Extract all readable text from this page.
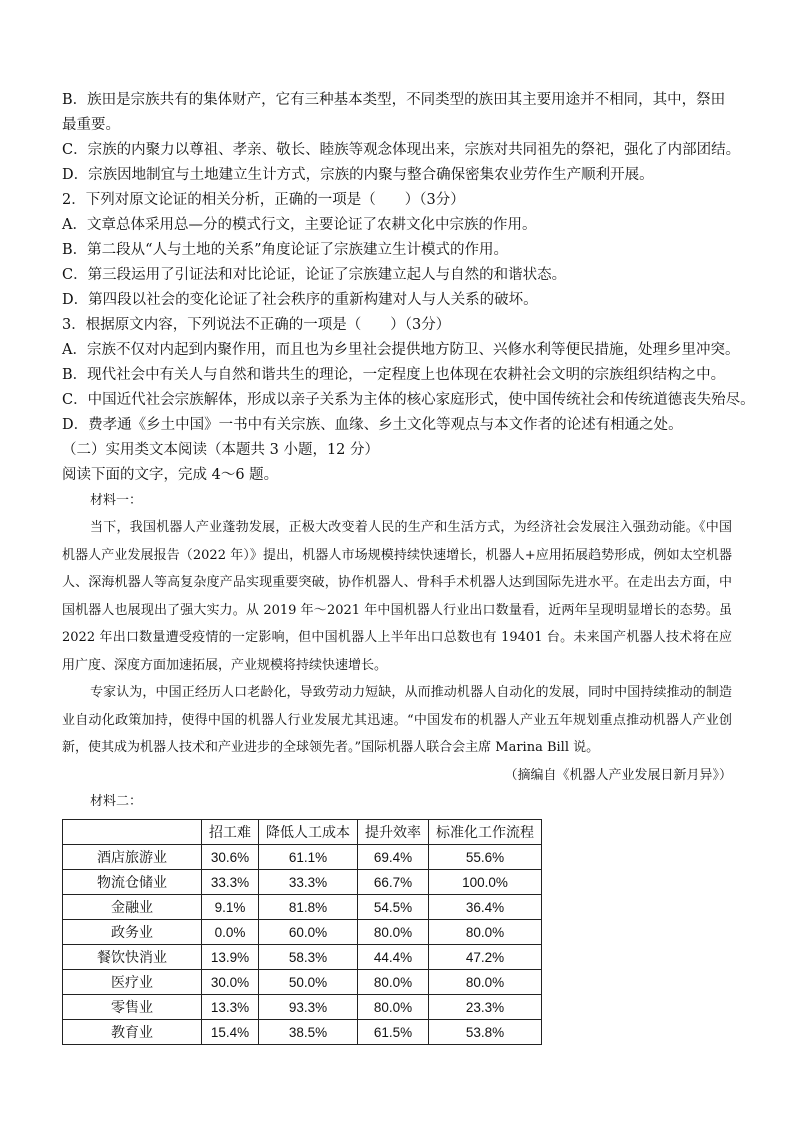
B．族田是宗族共有的集体财产，它有三种基本类型，不同类型的族田其主要用途并不相同，其中，祭田最重要。
C．宗族的内聚力以尊祖、孝亲、敬长、睦族等观念体现出来，宗族对共同祖先的祭祀，强化了内部团结。
D．宗族因地制宜与土地建立生计方式，宗族的内聚与整合确保密集农业劳作生产顺利开展。
2．下列对原文论证的相关分析，正确的一项是（　　）（3分）
A．文章总体采用总—分的模式行文，主要论证了农耕文化中宗族的作用。
B．第二段从“人与土地的关系”角度论证了宗族建立生计模式的作用。
C．第三段运用了引证法和对比论证，论证了宗族建立起人与自然的和谐状态。
D．第四段以社会的变化论证了社会秩序的重新构建对人与人关系的破坏。
3．根据原文内容，下列说法不正确的一项是（　　）（3分）
A．宗族不仅对内起到内聚作用，而且也为乡里社会提供地方防卫、兴修水利等便民措施，处理乡里冲突。
B．现代社会中有关人与自然和谐共生的理论，一定程度上也体现在农耕社会文明的宗族组织结构之中。
C．中国近代社会宗族解体，形成以亲子关系为主体的核心家庭形式，使中国传统社会和传统道德丧失殆尽。
D．费孝通《乡土中国》一书中有关宗族、血缘、乡土文化等观点与本文作者的论述有相通之处。
（二）实用类文本阅读（本题共 3 小题，12 分）
阅读下面的文字，完成 4～6 题。
材料一：
当下，我国机器人产业蓬勃发展，正极大改变着人民的生产和生活方式，为经济社会发展注入强劲动能。《中国机器人产业发展报告（2022 年）》提出，机器人市场规模持续快速增长，机器人+应用拓展趋势形成，例如太空机器人、深海机器人等高复杂度产品实现重要突破，协作机器人、骨科手术机器人达到国际先进水平。在走出去方面，中国机器人也展现出了强大实力。从 2019 年～2021 年中国机器人行业出口数量看，近两年呈现明显增长的态势。虽 2022 年出口数量遭受疫情的一定影响，但中国机器人上半年出口总数也有 19401 台。未来国产机器人技术将在应用广度、深度方面加速拓展，产业规模将持续快速增长。
专家认为，中国正经历人口老龄化，导致劳动力短缺，从而推动机器人自动化的发展，同时中国持续推动的制造业自动化政策加持，使得中国的机器人行业发展尤其迅速。“中国发布的机器人产业五年规划重点推动机器人产业创新，使其成为机器人技术和产业进步的全球领先者。”国际机器人联合会主席 Marina Bill 说。
（摘编自《机器人产业发展日新月异》）
材料二：
	招工难	降低人工成本	提升效率	标准化工作流程
酒店旅游业	30.6%	61.1%	69.4%	55.6%
物流仓储业	33.3%	33.3%	66.7%	100.0%
金融业	9.1%	81.8%	54.5%	36.4%
政务业	0.0%	60.0%	80.0%	80.0%
餐饮快消业	13.9%	58.3%	44.4%	47.2%
医疗业	30.0%	50.0%	80.0%	80.0%
零售业	13.3%	93.3%	80.0%	23.3%
教育业	15.4%	38.5%	61.5%	53.8%
